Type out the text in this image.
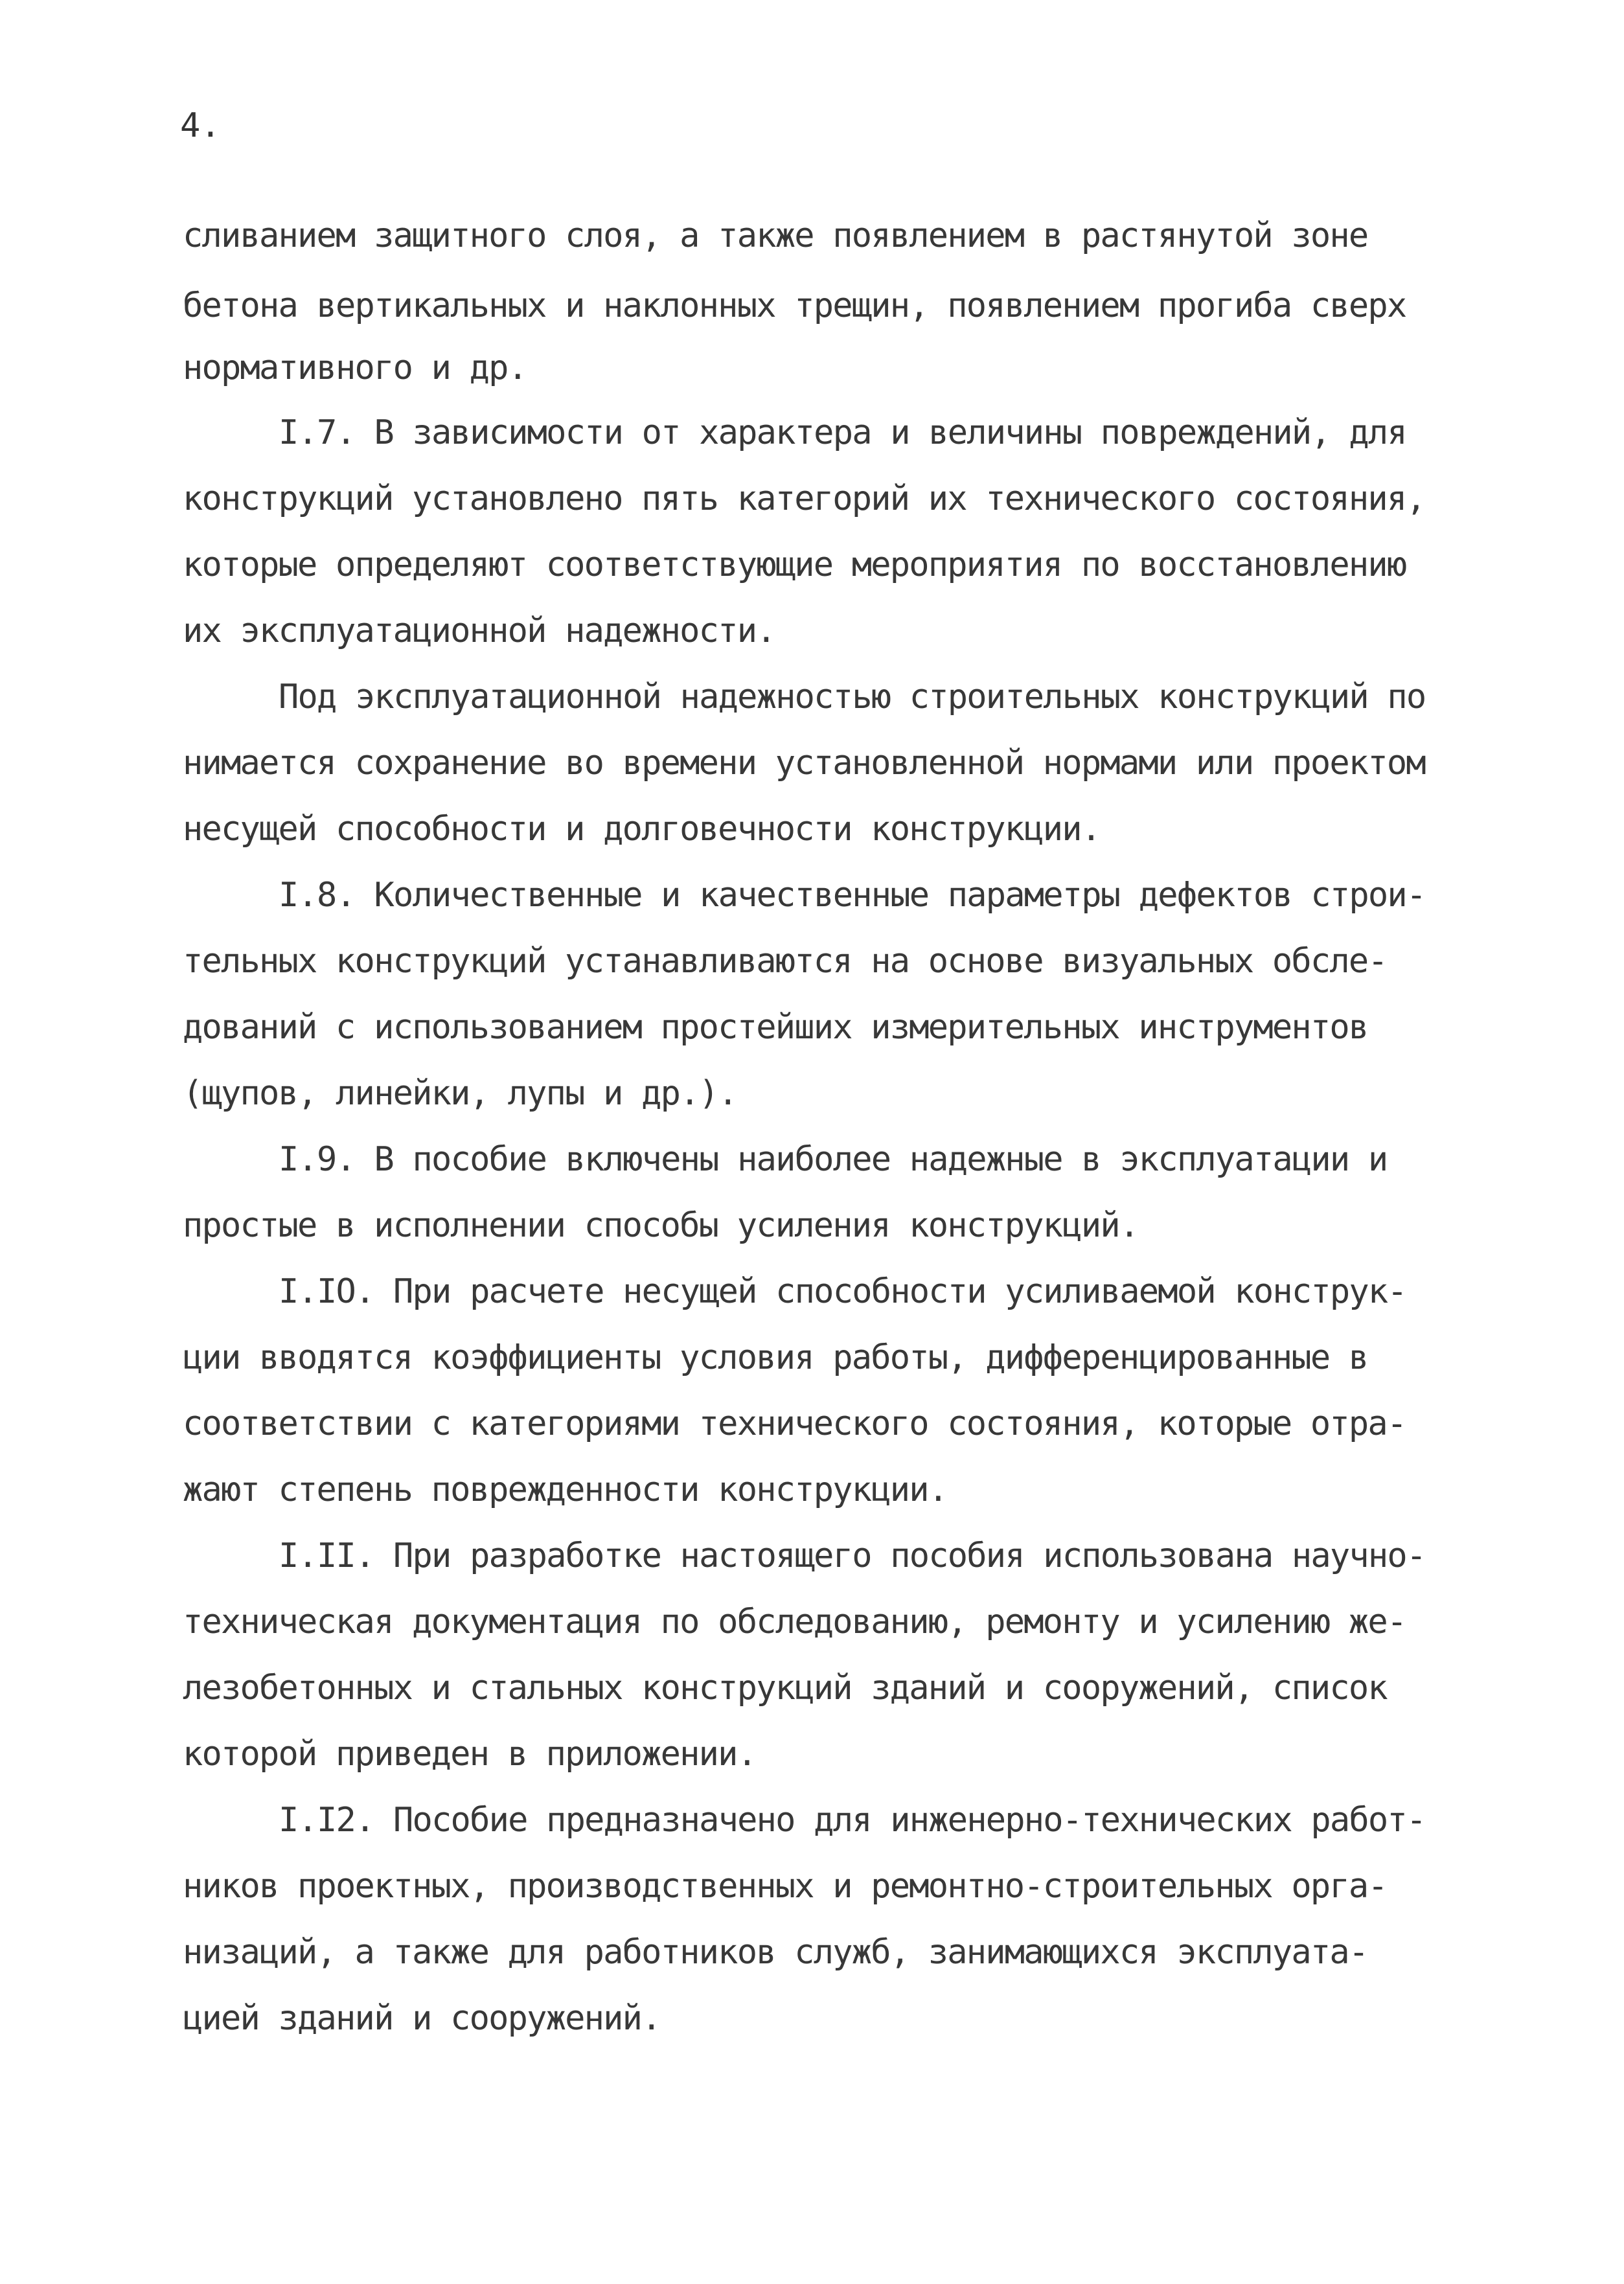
4.
сливанием защитного слоя, а также появлением в растянутой зоне
бетона вертикальных и наклонных трещин, появлением прогиба сверх
нормативного и др.
I.7. В зависимости от характера и величины повреждений, для
конструкций установлено пять категорий их технического состояния,
которые определяют соответствующие мероприятия по восстановлению
их эксплуатационной надежности.
Под эксплуатационной надежностью строительных конструкций по
нимается сохранение во времени установленной нормами или проектом
несущей способности и долговечности конструкции.
I.8. Количественные и качественные параметры дефектов строи-
тельных конструкций устанавливаются на основе визуальных обсле-
дований с использованием простейших измерительных инструментов
(щупов, линейки, лупы и др.).
I.9. В пособие включены наиболее надежные в эксплуатации и
простые в исполнении способы усиления конструкций.
I.IO. При расчете несущей способности усиливаемой конструк-
ции вводятся коэффициенты условия работы, дифференцированные в
соответствии с категориями технического состояния, которые отра-
жают степень поврежденности конструкции.
I.II. При разработке настоящего пособия использована научно-
техническая документация по обследованию, ремонту и усилению же-
лезобетонных и стальных конструкций зданий и сооружений, список
которой приведен в приложении.
I.I2. Пособие предназначено для инженерно-технических работ-
ников проектных, производственных и ремонтно-строительных орга-
низаций, а также для работников служб, занимающихся эксплуата-
цией зданий и сооружений.
